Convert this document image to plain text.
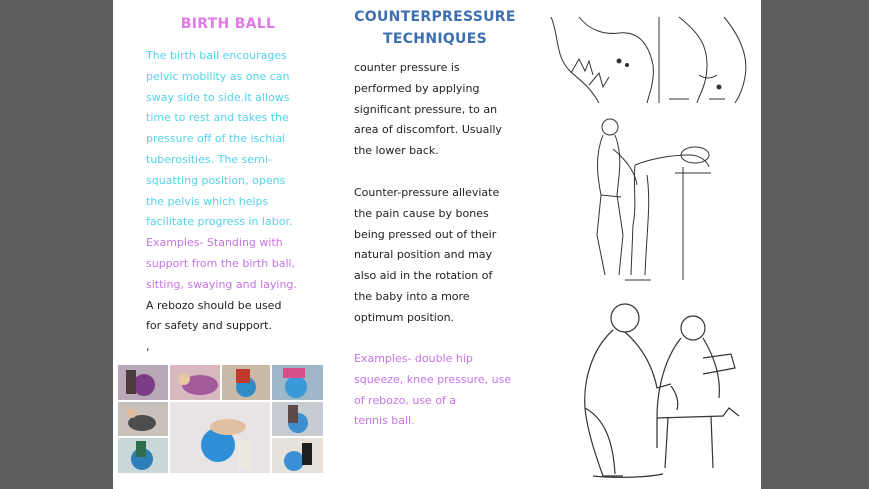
BIRTH BALL
The birth ball encourages
pelvic mobility as one can
sway side to side.It allows
time to rest and takes the
pressure off of the ischial
tuberosities. The semi-
squatting position, opens
the pelvis which helps
facilitate progress in labor.
Examples- Standing with
support from the birth ball,
sitting, swaying and laying.
A rebozo should be used
for safety and support.
,
COUNTERPRESSURE
TECHNIQUES
counter pressure is
performed by applying
significant pressure, to an
area of discomfort. Usually
the lower back.
Counter-pressure alleviate
the pain cause by bones
being pressed out of their
natural position and may
also aid in the rotation of
the baby into a more
optimum position.
Examples- double hip
squeeze, knee pressure, use
of rebozo, use of a
tennis ball.
